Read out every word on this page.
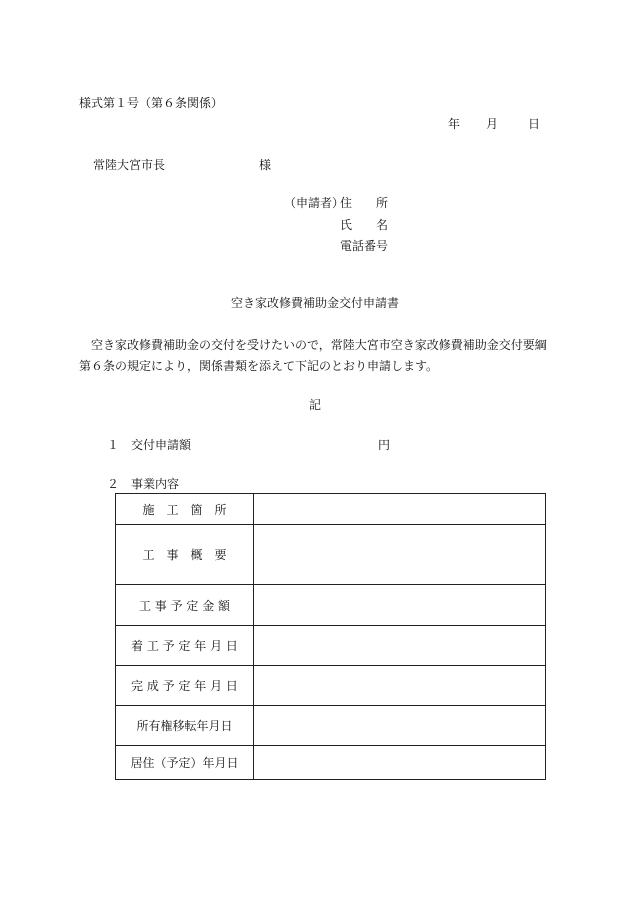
様式第１号（第６条関係）
年 月 日
常陸大宮市長	様
（申請者）
住　　所
氏　　名
電話番号
空き家改修費補助金交付申請書
空き家改修費補助金の交付を受けたいので，常陸大宮市空き家改修費補助金交付要綱第６条の規定により，関係書類を添えて下記のとおり申請します。
記
１ 交付申請額	円
２ 事業内容
施　工　箇　所	
工　事　概　要	
工 事 予 定 金 額	
着 工 予 定 年 月 日	
完 成 予 定 年 月 日	
所有権移転年月日	
居住（予定）年月日	
